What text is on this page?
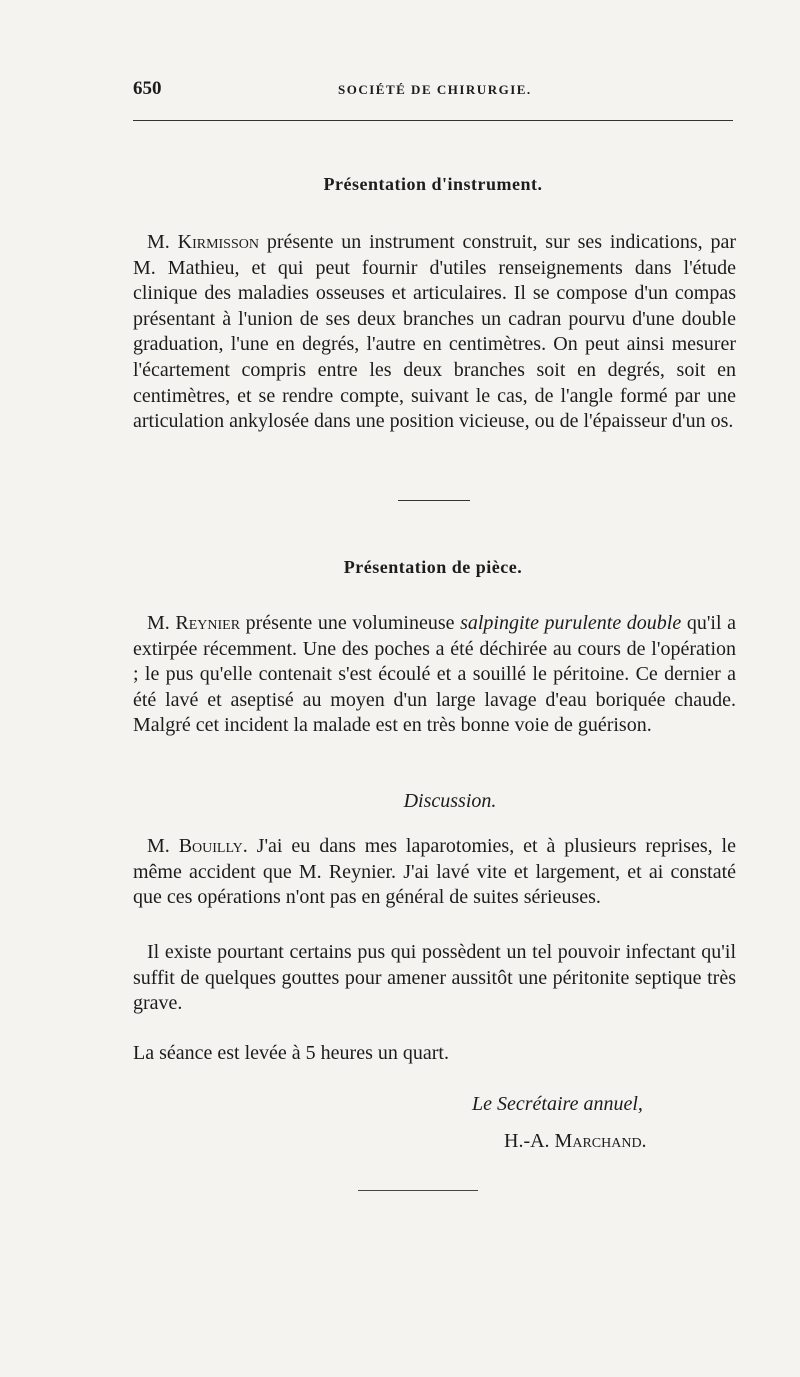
650	SOCIÉTÉ DE CHIRURGIE.
Présentation d'instrument.

M. Kirmisson présente un instrument construit, sur ses indications, par M. Mathieu, et qui peut fournir d'utiles renseignements dans l'étude clinique des maladies osseuses et articulaires. Il se compose d'un compas présentant à l'union de ses deux branches un cadran pourvu d'une double graduation, l'une en degrés, l'autre en centimètres. On peut ainsi mesurer l'écartement compris entre les deux branches soit en degrés, soit en centimètres, et se rendre compte, suivant le cas, de l'angle formé par une articulation ankylosée dans une position vicieuse, ou de l'épaisseur d'un os.

Présentation de pièce.

M. Reynier présente une volumineuse salpingite purulente double qu'il a extirpée récemment. Une des poches a été déchirée au cours de l'opération ; le pus qu'elle contenait s'est écoulé et a souillé le péritoine. Ce dernier a été lavé et aseptisé au moyen d'un large lavage d'eau boriquée chaude. Malgré cet incident la malade est en très bonne voie de guérison.

Discussion.

M. Bouilly. J'ai eu dans mes laparotomies, et à plusieurs reprises, le même accident que M. Reynier. J'ai lavé vite et largement, et ai constaté que ces opérations n'ont pas en général de suites sérieuses.

Il existe pourtant certains pus qui possèdent un tel pouvoir infectant qu'il suffit de quelques gouttes pour amener aussitôt une péritonite septique très grave.

La séance est levée à 5 heures un quart.
Le Secrétaire annuel,
H.-A. Marchand.
